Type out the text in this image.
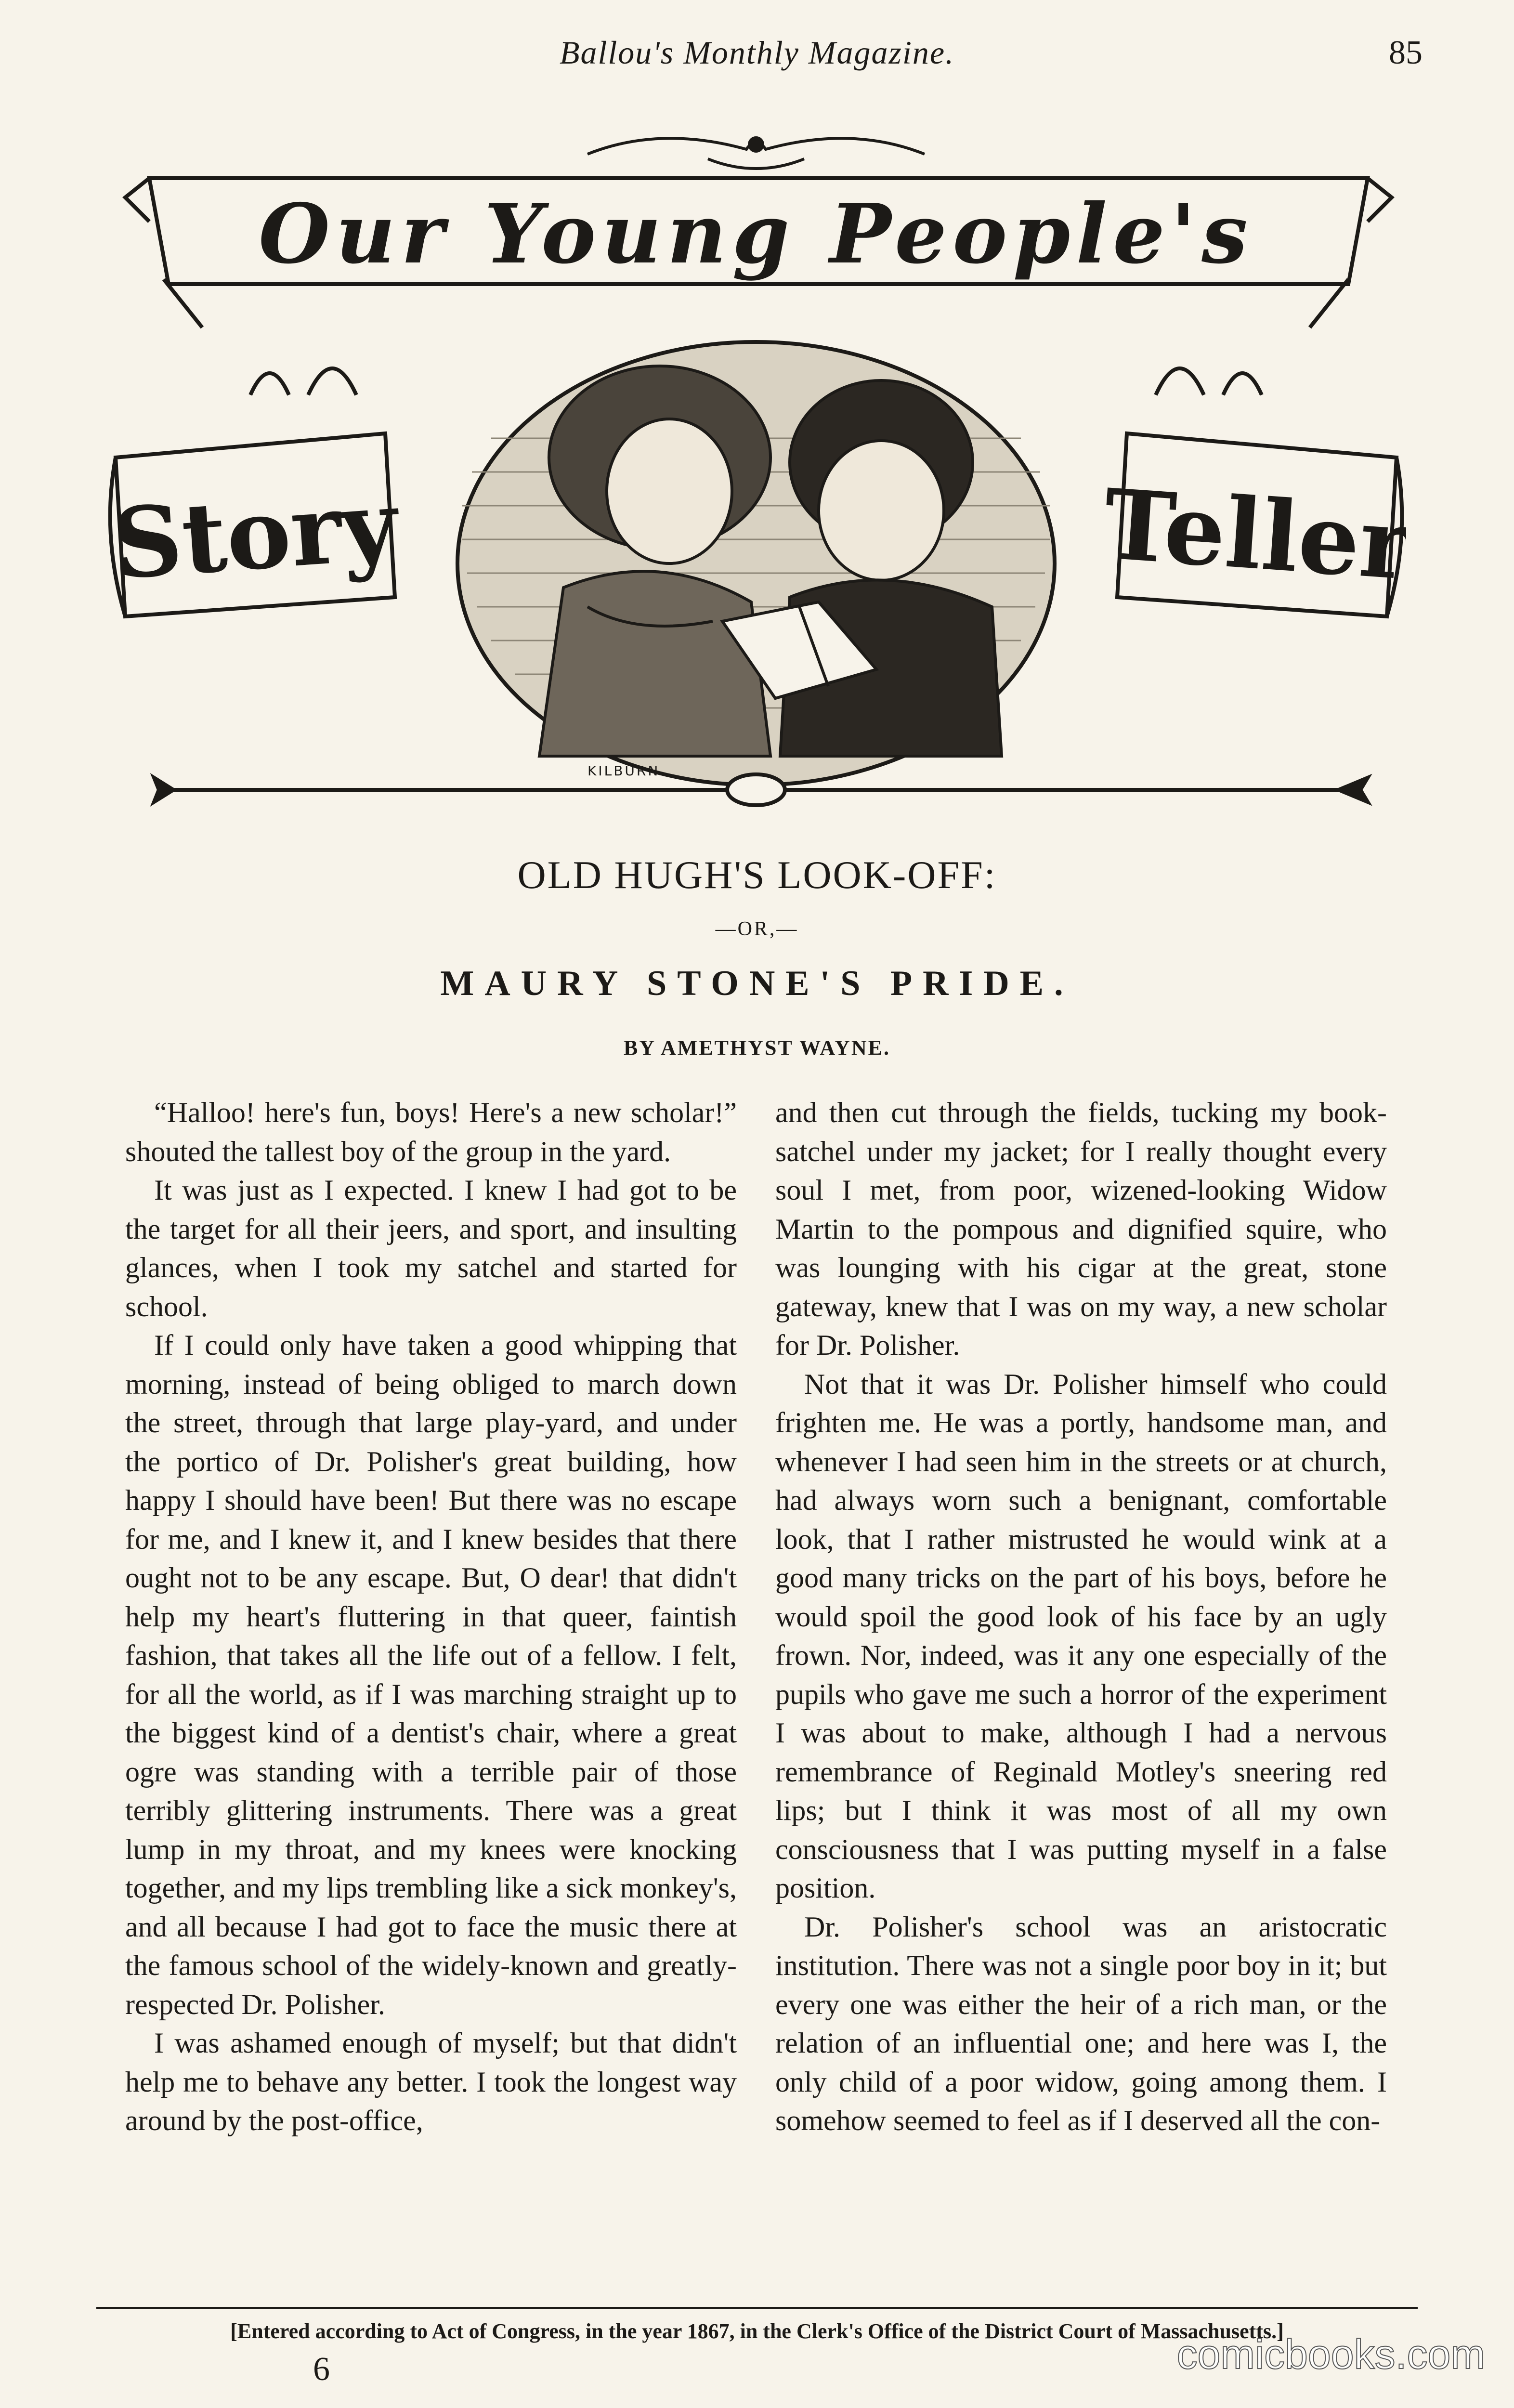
Ballou's Monthly Magazine.	85
Our Young People's
Story	Teller
KILBURN
OLD HUGH'S LOOK-OFF:
—OR,—
MAURY STONE'S PRIDE.
BY AMETHYST WAYNE.

“Halloo! here's fun, boys! Here's a new scholar!” shouted the tallest boy of the group in the yard.

It was just as I expected. I knew I had got to be the target for all their jeers, and sport, and insulting glances, when I took my satchel and started for school.

If I could only have taken a good whipping that morning, instead of being obliged to march down the street, through that large play-yard, and under the portico of Dr. Polisher's great building, how happy I should have been! But there was no escape for me, and I knew it, and I knew besides that there ought not to be any escape. But, O dear! that didn't help my heart's fluttering in that queer, faintish fashion, that takes all the life out of a fellow. I felt, for all the world, as if I was marching straight up to the biggest kind of a dentist's chair, where a great ogre was standing with a terrible pair of those terribly glittering instruments. There was a great lump in my throat, and my knees were knocking together, and my lips trembling like a sick monkey's, and all because I had got to face the music there at the famous school of the widely-known and greatly-respected Dr. Polisher.

I was ashamed enough of myself; but that didn't help me to behave any better. I took the longest way around by the post-office,

and then cut through the fields, tucking my book-satchel under my jacket; for I really thought every soul I met, from poor, wizened-looking Widow Martin to the pompous and dignified squire, who was lounging with his cigar at the great, stone gateway, knew that I was on my way, a new scholar for Dr. Polisher.

Not that it was Dr. Polisher himself who could frighten me. He was a portly, handsome man, and whenever I had seen him in the streets or at church, had always worn such a benignant, comfortable look, that I rather mistrusted he would wink at a good many tricks on the part of his boys, before he would spoil the good look of his face by an ugly frown. Nor, indeed, was it any one especially of the pupils who gave me such a horror of the experiment I was about to make, although I had a nervous remembrance of Reginald Motley's sneering red lips; but I think it was most of all my own consciousness that I was putting myself in a false position.

Dr. Polisher's school was an aristocratic institution. There was not a single poor boy in it; but every one was either the heir of a rich man, or the relation of an influential one; and here was I, the only child of a poor widow, going among them. I somehow seemed to feel as if I deserved all the con-

[Entered according to Act of Congress, in the year 1867, in the Clerk's Office of the District Court of Massachusetts.]
6	comicbooks.com
